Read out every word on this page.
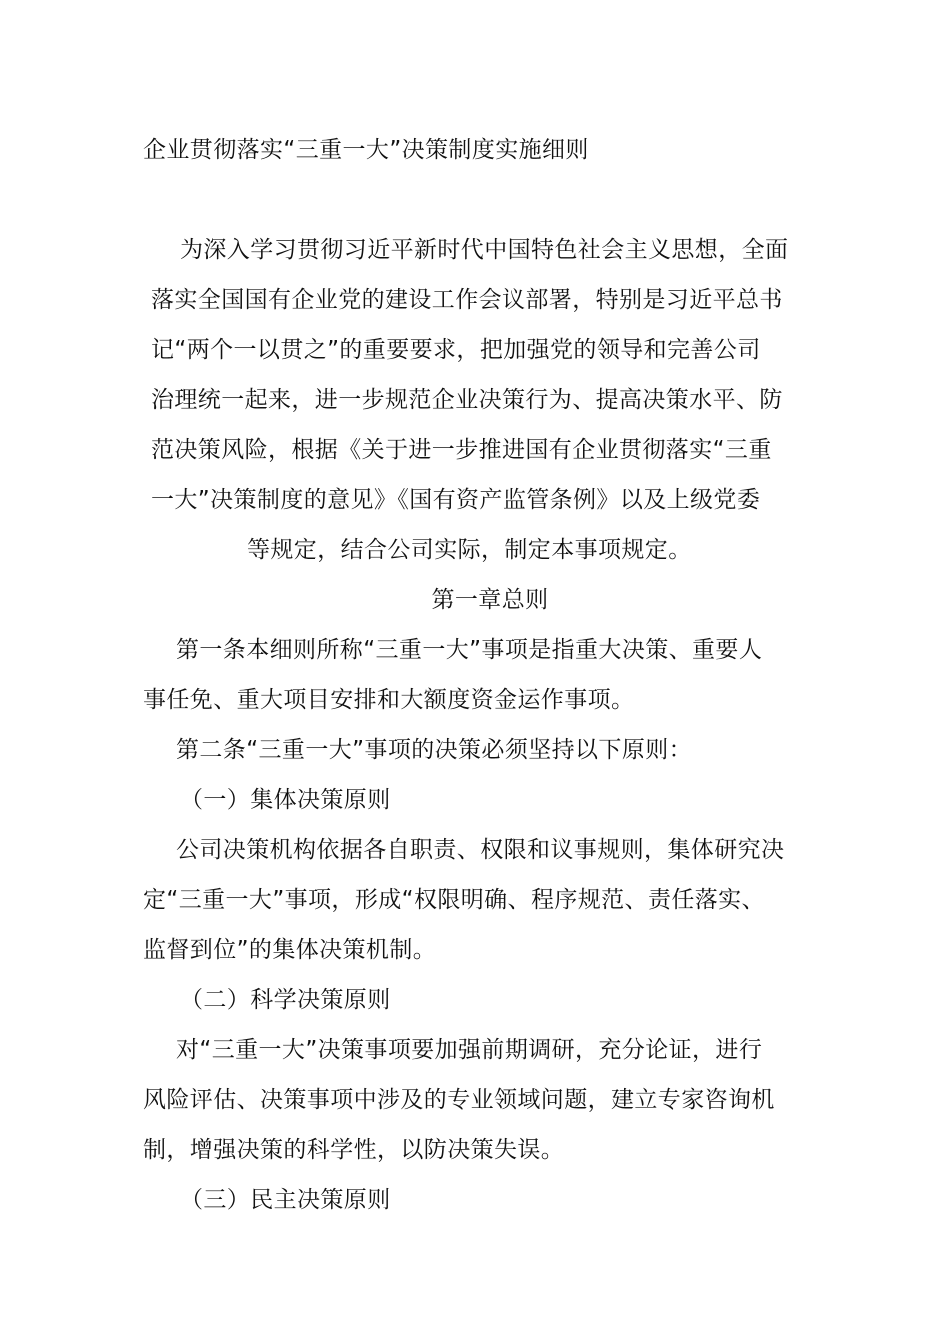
企业贯彻落实“三重一大”决策制度实施细则

为深入学习贯彻习近平新时代中国特色社会主义思想，全面

落实全国国有企业党的建设工作会议部署，特别是习近平总书

记“两个一以贯之”的重要要求，把加强党的领导和完善公司

治理统一起来，进一步规范企业决策行为、提高决策水平、防

范决策风险，根据《关于进一步推进国有企业贯彻落实“三重

一大”决策制度的意见》《国有资产监管条例》以及上级党委

等规定，结合公司实际，制定本事项规定。

第一章总则

第一条本细则所称“三重一大”事项是指重大决策、重要人

事任免、重大项目安排和大额度资金运作事项。

第二条“三重一大”事项的决策必须坚持以下原则：

（一）集体决策原则

公司决策机构依据各自职责、权限和议事规则，集体研究决

定“三重一大”事项，形成“权限明确、程序规范、责任落实、

监督到位”的集体决策机制。

（二）科学决策原则

对“三重一大”决策事项要加强前期调研，充分论证，进行

风险评估、决策事项中涉及的专业领域问题，建立专家咨询机

制，增强决策的科学性，以防决策失误。

（三）民主决策原则
